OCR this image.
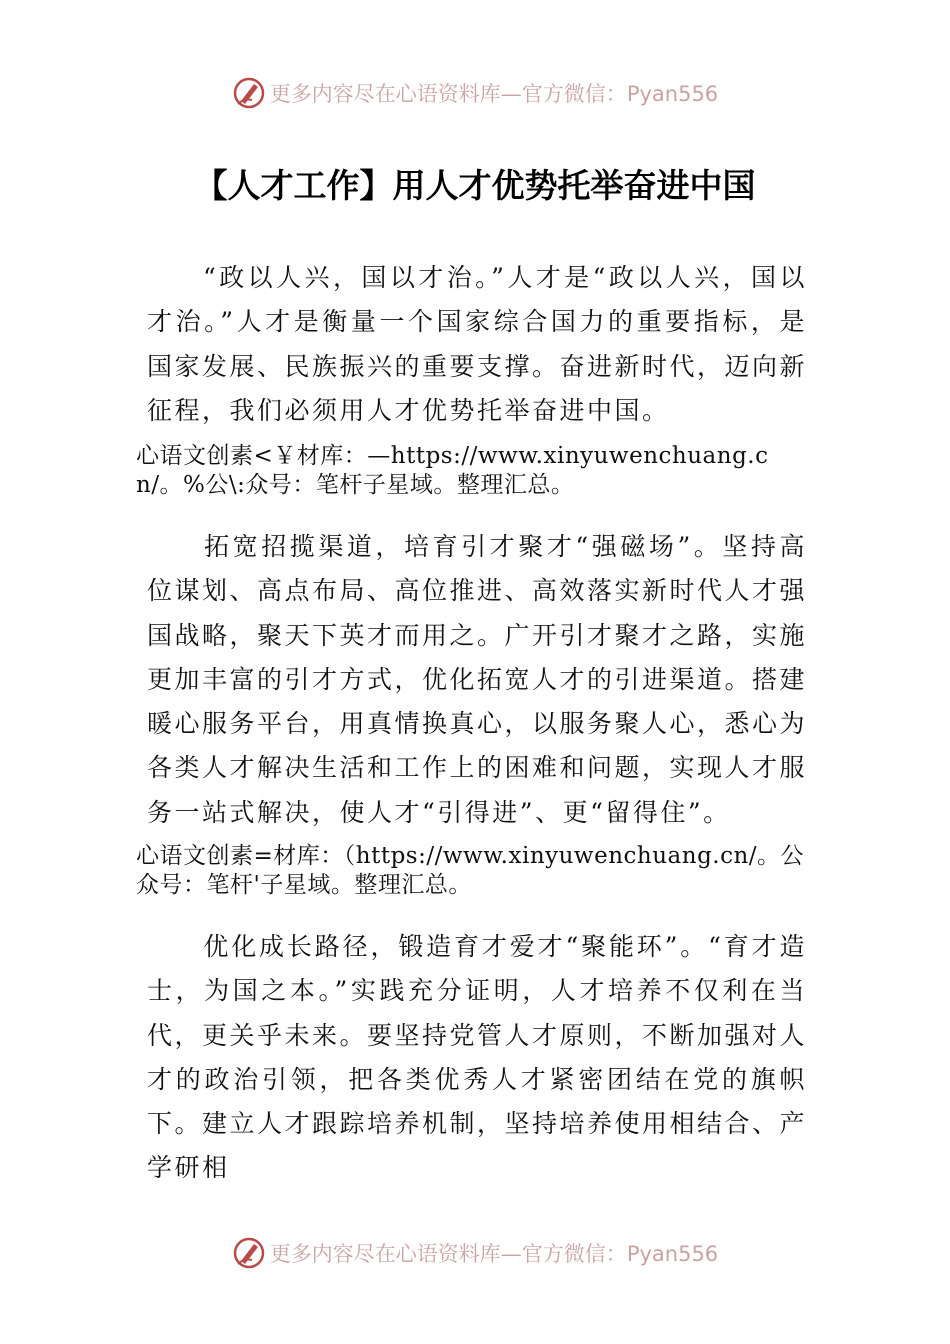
更多内容尽在心语资料库—官方微信：Pyan556
【人才工作】用人才优势托举奋进中国

“政以人兴，国以才治。”人才是“政以人兴，国以才治。”人才是衡量一个国家综合国力的重要指标，是国家发展、民族振兴的重要支撑。奋进新时代，迈向新征程，我们必须用人才优势托举奋进中国。

心语文创素<￥材库：—https://www.xinyuwenchuang.cn/。%公\:众号：笔杆子星域。整理汇总。

拓宽招揽渠道，培育引才聚才“强磁场”。坚持高位谋划、高点布局、高位推进、高效落实新时代人才强国战略，聚天下英才而用之。广开引才聚才之路，实施更加丰富的引才方式，优化拓宽人才的引进渠道。搭建暖心服务平台，用真情换真心，以服务聚人心，悉心为各类人才解决生活和工作上的困难和问题，实现人才服务一站式解决，使人才“引得进”、更“留得住”。

心语文创素=材库：（https://www.xinyuwenchuang.cn/。公众号：笔杆'子星域。整理汇总。

优化成长路径，锻造育才爱才“聚能环”。“育才造士，为国之本。”实践充分证明，人才培养不仅利在当代，更关乎未来。要坚持党管人才原则，不断加强对人才的政治引领，把各类优秀人才紧密团结在党的旗帜下。建立人才跟踪培养机制，坚持培养使用相结合、产学研相

更多内容尽在心语资料库—官方微信：Pyan556
